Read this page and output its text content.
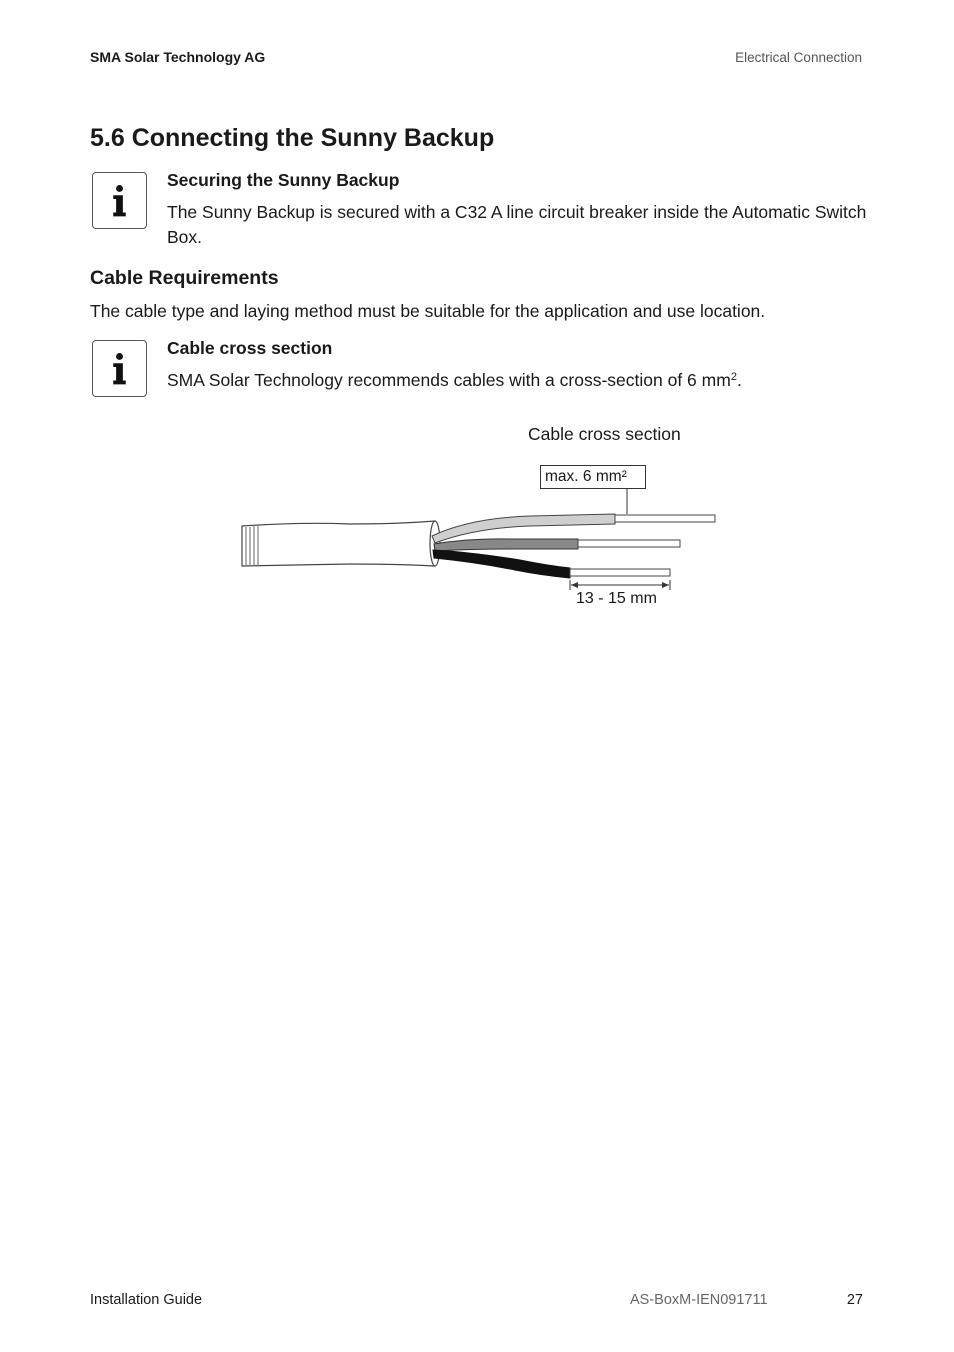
SMA Solar Technology AG	Electrical Connection
5.6 Connecting the Sunny Backup
Securing the Sunny Backup
The Sunny Backup is secured with a C32 A line circuit breaker inside the Automatic Switch Box.
Cable Requirements
The cable type and laying method must be suitable for the application and use location.
Cable cross section
SMA Solar Technology recommends cables with a cross-section of 6 $mm^2$.
Cable cross section
max. 6 mm²
13 - 15 mm
Installation Guide	AS-BoxM-IEN091711	27
